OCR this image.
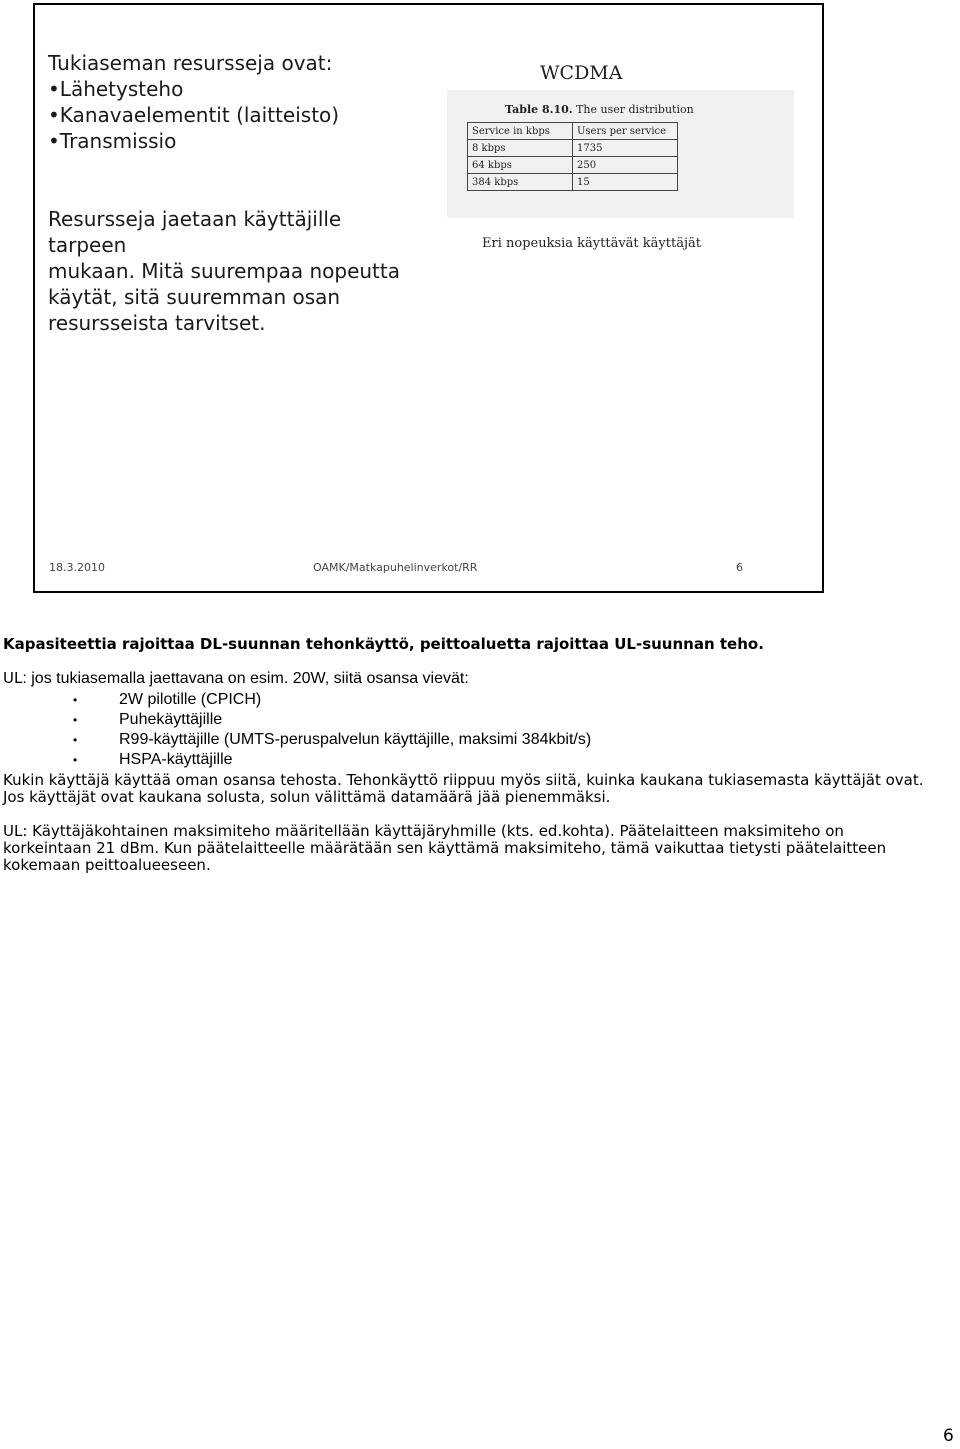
Tukiaseman resursseja ovat:
• Lähetysteho
• Kanavaelementit (laitteisto)
• Transmissio
Resursseja jaetaan käyttäjille
tarpeen
mukaan. Mitä suurempaa nopeutta
käytät, sitä suuremman osan
resursseista tarvitset.
WCDMA
Table 8.10. The user distribution
Service in kbps	Users per service
8 kbps	1735
64 kbps	250
384 kbps	15
Eri nopeuksia käyttävät käyttäjät
18.3.2010	OAMK/Matkapuhelinverkot/RR	6

Kapasiteettia rajoittaa DL-suunnan tehonkäyttö, peittoaluetta rajoittaa UL-suunnan teho.

UL: jos tukiasemalla jaettavana on esim. 20W, siitä osansa vievät:

• 2W pilotille (CPICH)
• Puhekäyttäjille
• R99-käyttäjille (UMTS-peruspalvelun käyttäjille, maksimi 384kbit/s)
• HSPA-käyttäjille

Kukin käyttäjä käyttää oman osansa tehosta. Tehonkäyttö riippuu myös siitä, kuinka kaukana tukiasemasta käyttäjät ovat. Jos käyttäjät ovat kaukana solusta, solun välittämä datamäärä jää pienemmäksi.

UL: Käyttäjäkohtainen maksimiteho määritellään käyttäjäryhmille (kts. ed.kohta). Päätelaitteen maksimiteho on korkeintaan 21 dBm. Kun päätelaitteelle määrätään sen käyttämä maksimiteho, tämä vaikuttaa tietysti päätelaitteen kokemaan peittoalueeseen.

6
